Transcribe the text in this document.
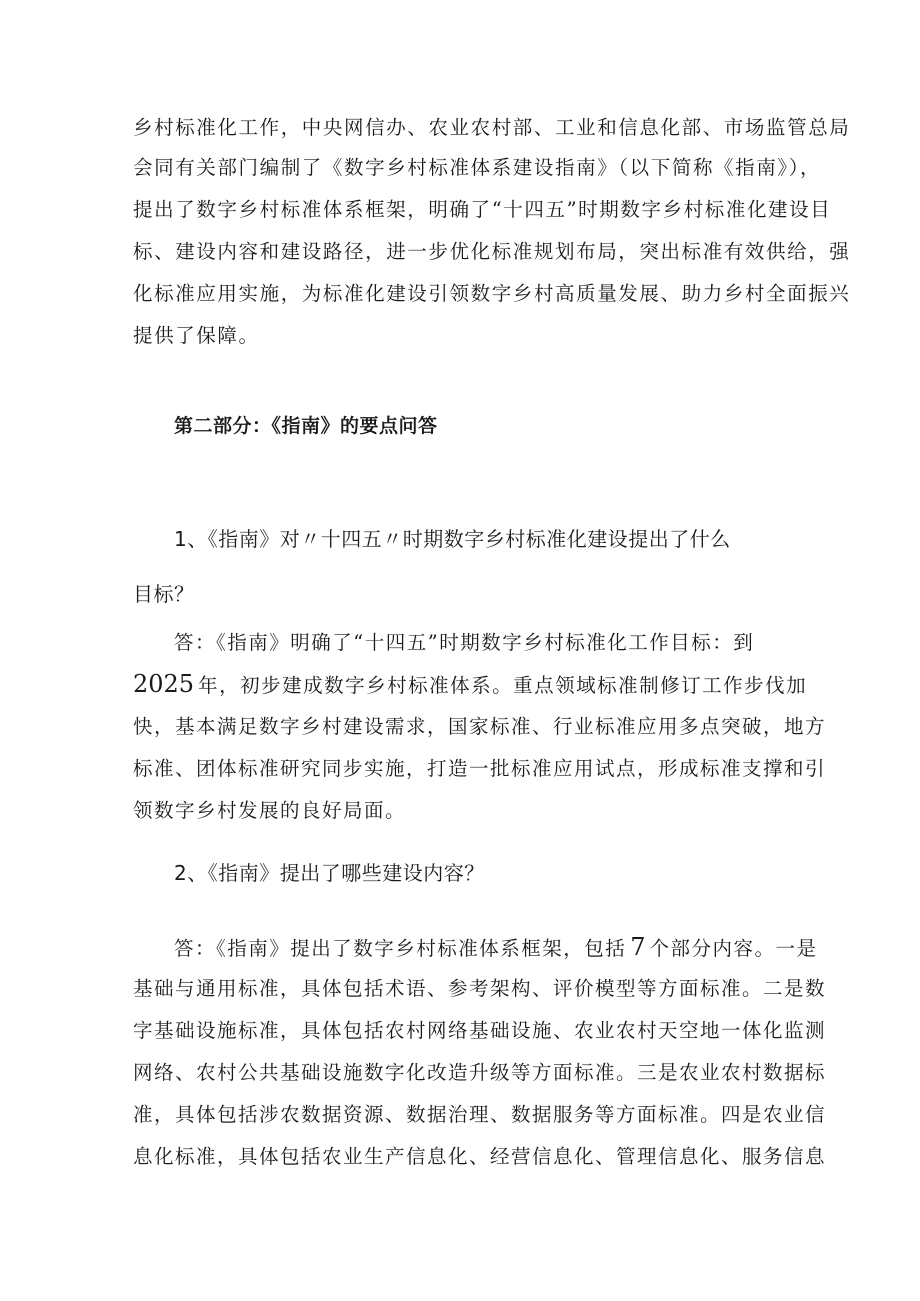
乡村标准化工作，中央网信办、农业农村部、工业和信息化部、市场监管总局
会同有关部门编制了《数字乡村标准体系建设指南》（以下简称《指南》），
提出了数字乡村标准体系框架，明确了“十四五”时期数字乡村标准化建设目
标、建设内容和建设路径，进一步优化标准规划布局，突出标准有效供给，强
化标准应用实施，为标准化建设引领数字乡村高质量发展、助力乡村全面振兴
提供了保障。
第二部分：《指南》的要点问答
1、《指南》对〃十四五〃时期数字乡村标准化建设提出了什么
目标？
答：《指南》明确了“十四五”时期数字乡村标准化工作目标：到
2025 年，初步建成数字乡村标准体系。重点领域标准制修订工作步伐加
快，基本满足数字乡村建设需求，国家标准、行业标准应用多点突破，地方
标准、团体标准研究同步实施，打造一批标准应用试点，形成标准支撑和引
领数字乡村发展的良好局面。
2、《指南》提出了哪些建设内容？
答：《指南》提出了数字乡村标准体系框架，包括 7 个部分内容。一是
基础与通用标准，具体包括术语、参考架构、评价模型等方面标准。二是数
字基础设施标准，具体包括农村网络基础设施、农业农村天空地一体化监测
网络、农村公共基础设施数字化改造升级等方面标准。三是农业农村数据标
准，具体包括涉农数据资源、数据治理、数据服务等方面标准。四是农业信
息化标准，具体包括农业生产信息化、经营信息化、管理信息化、服务信息
